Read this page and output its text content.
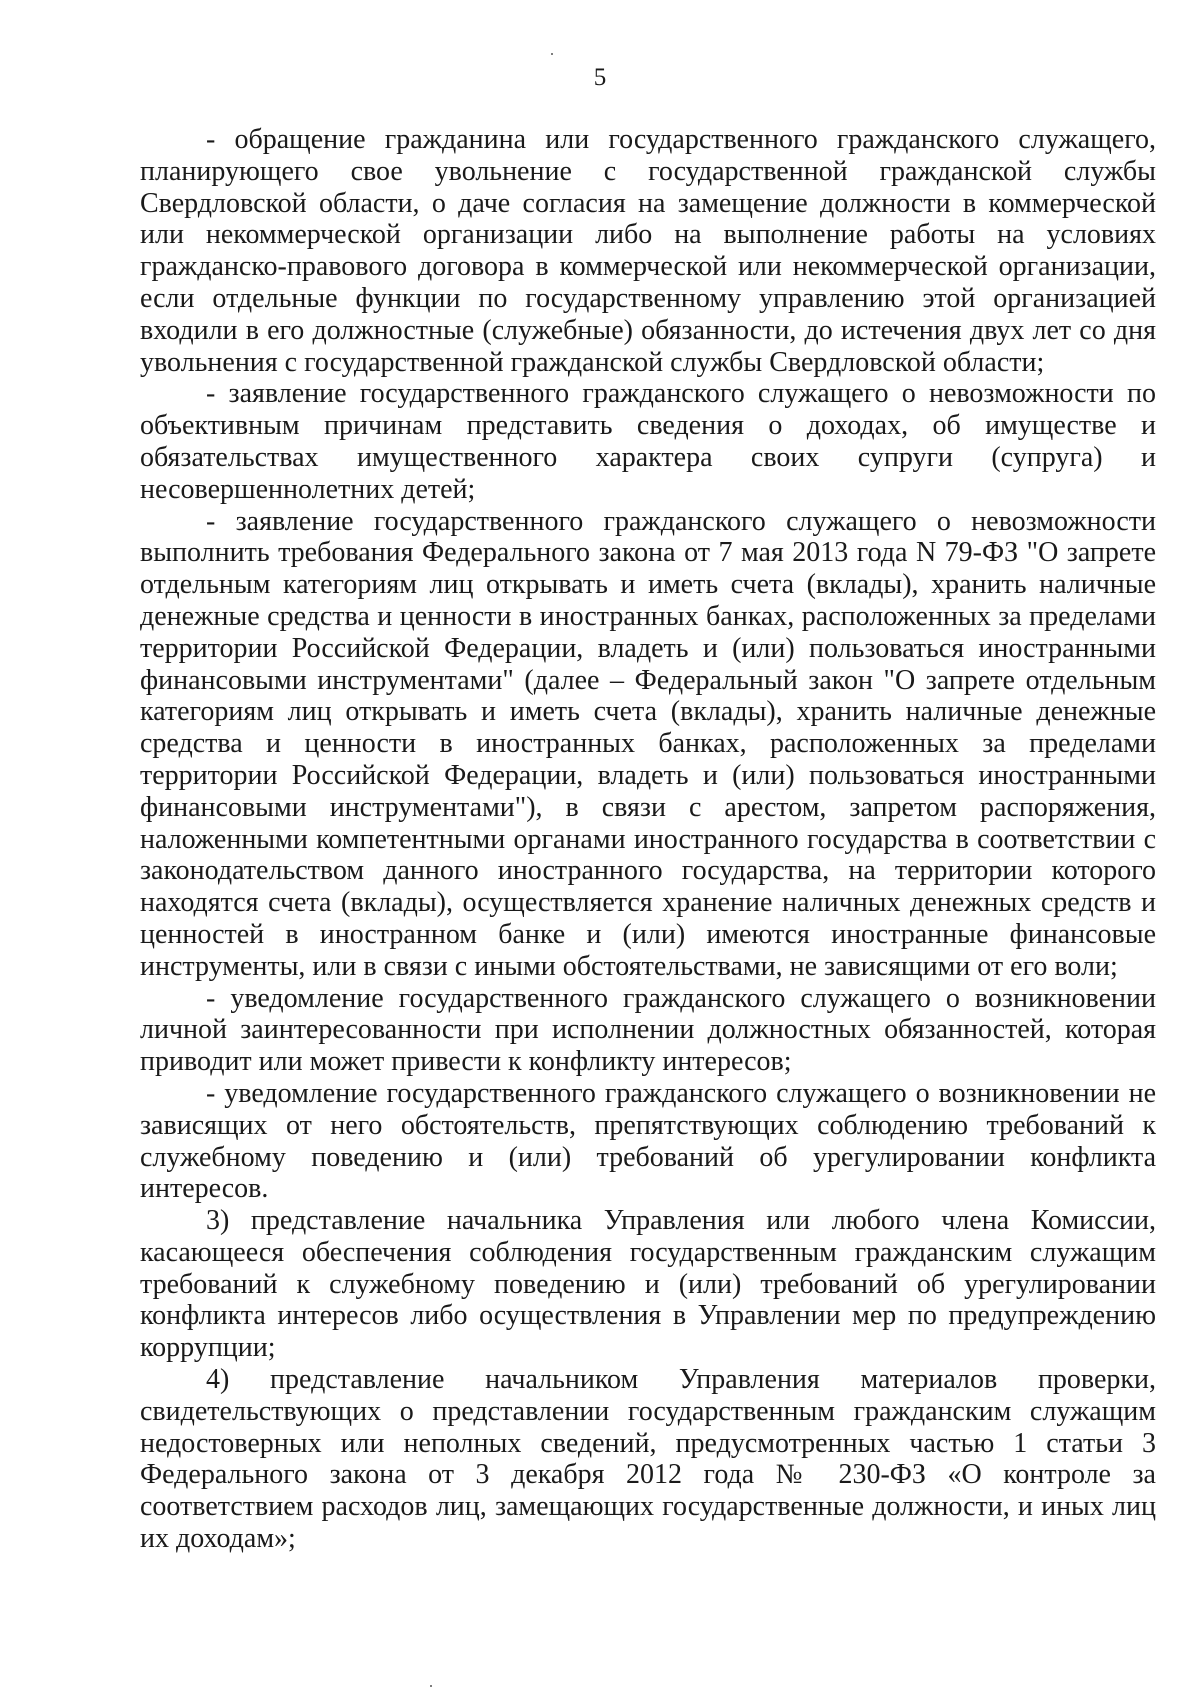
5

- обращение гражданина или государственного гражданского служащего, планирующего свое увольнение с государственной гражданской службы Свердловской области, о даче согласия на замещение должности в коммерческой или некоммерческой организации либо на выполнение работы на условиях гражданско-правового договора в коммерческой или некоммерческой организации, если отдельные функции по государственному управлению этой организацией входили в его должностные (служебные) обязанности, до истечения двух лет со дня увольнения с государственной гражданской службы Свердловской области;

- заявление государственного гражданского служащего о невозможности по объективным причинам представить сведения о доходах, об имуществе и обязательствах имущественного характера своих супруги (супруга) и несовершеннолетних детей;

- заявление государственного гражданского служащего о невозможности выполнить требования Федерального закона от 7 мая 2013 года N 79-ФЗ "О запрете отдельным категориям лиц открывать и иметь счета (вклады), хранить наличные денежные средства и ценности в иностранных банках, расположенных за пределами территории Российской Федерации, владеть и (или) пользоваться иностранными финансовыми инструментами" (далее – Федеральный закон "О запрете отдельным категориям лиц открывать и иметь счета (вклады), хранить наличные денежные средства и ценности в иностранных банках, расположенных за пределами территории Российской Федерации, владеть и (или) пользоваться иностранными финансовыми инструментами"), в связи с арестом, запретом распоряжения, наложенными компетентными органами иностранного государства в соответствии с законодательством данного иностранного государства, на территории которого находятся счета (вклады), осуществляется хранение наличных денежных средств и ценностей в иностранном банке и (или) имеются иностранные финансовые инструменты, или в связи с иными обстоятельствами, не зависящими от его воли;

- уведомление государственного гражданского служащего о возникновении личной заинтересованности при исполнении должностных обязанностей, которая приводит или может привести к конфликту интересов;

- уведомление государственного гражданского служащего о возникновении не зависящих от него обстоятельств, препятствующих соблюдению требований к служебному поведению и (или) требований об урегулировании конфликта интересов.

3) представление начальника Управления или любого члена Комиссии, касающееся обеспечения соблюдения государственным гражданским служащим требований к служебному поведению и (или) требований об урегулировании конфликта интересов либо осуществления в Управлении мер по предупреждению коррупции;

4) представление начальником Управления материалов проверки, свидетельствующих о представлении государственным гражданским служащим недостоверных или неполных сведений, предусмотренных частью 1 статьи 3 Федерального закона от 3 декабря 2012 года № 230-ФЗ «О контроле за соответствием расходов лиц, замещающих государственные должности, и иных лиц их доходам»;
